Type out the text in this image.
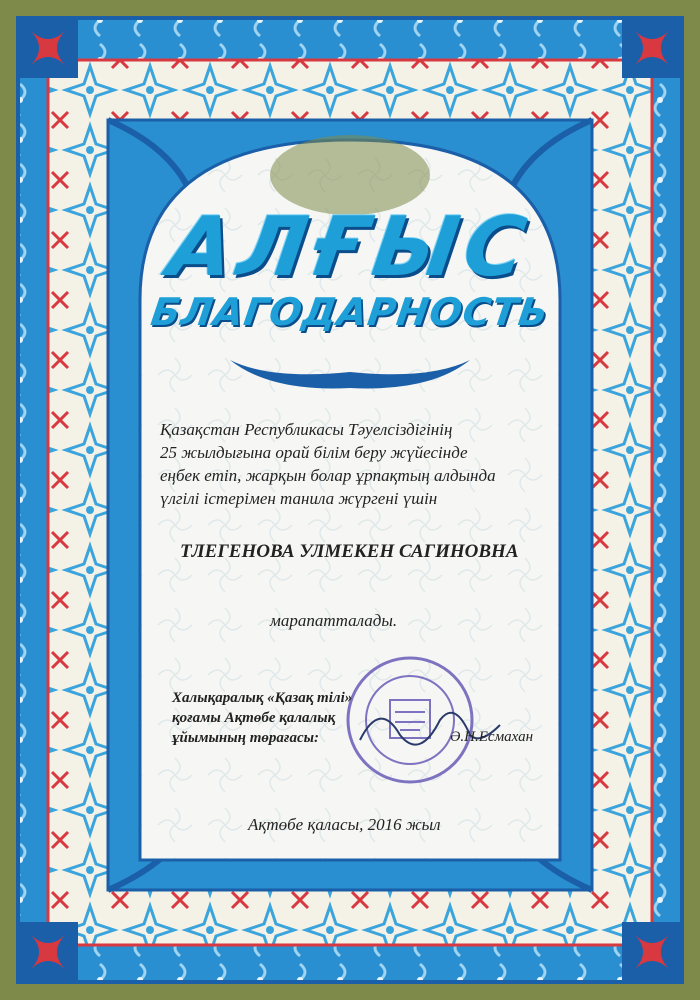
АЛҒЫС
БЛАГОДАРНОСТЬ
Қазақстан Республикасы Тәуелсіздігінің
25 жылдығына орай білім беру жүйесінде
еңбек етіп, жарқын болар ұрпақтың алдында
үлгілі істерімен танила жүргені үшін
ТЛЕГЕНОВА УЛМЕКЕН САГИНОВНА
марапатталады.
Халықаралық «Қазақ тілі»
қоғамы Ақтөбе қалалық
ұйымының төрағасы:	Ә.Н.Есмахан
Ақтөбе қаласы, 2016 жыл
